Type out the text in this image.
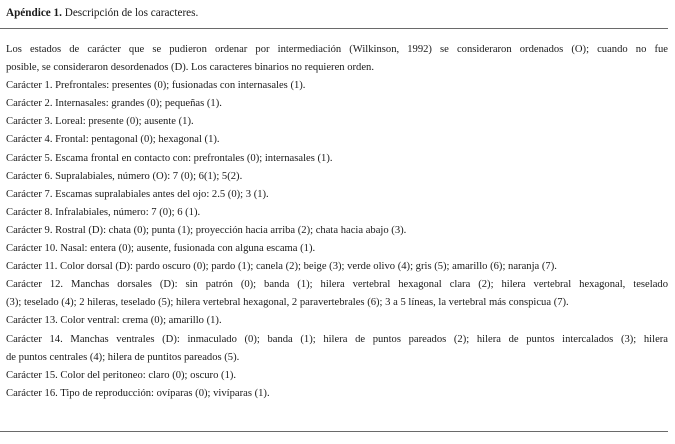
Apéndice 1. Descripción de los caracteres.
Los estados de carácter que se pudieron ordenar por intermediación (Wilkinson, 1992) se consideraron ordenados (O); cuando no fue
posible, se consideraron desordenados (D). Los caracteres binarios no requieren orden.
Carácter 1. Prefrontales: presentes (0); fusionadas con internasales (1).
Carácter 2. Internasales: grandes (0); pequeñas (1).
Carácter 3. Loreal: presente (0); ausente (1).
Carácter 4. Frontal: pentagonal (0); hexagonal (1).
Carácter 5. Escama frontal en contacto con: prefrontales (0); internasales (1).
Carácter 6. Supralabiales, número (O): 7 (0); 6(1); 5(2).
Carácter 7. Escamas supralabiales antes del ojo: 2.5 (0); 3 (1).
Carácter 8. Infralabiales, número: 7 (0); 6 (1).
Carácter 9. Rostral (D): chata (0); punta (1); proyección hacia arriba (2); chata hacia abajo (3).
Carácter 10. Nasal: entera (0); ausente, fusionada con alguna escama (1).
Carácter 11. Color dorsal (D): pardo oscuro (0); pardo (1); canela (2); beige (3); verde olivo (4); gris (5); amarillo (6); naranja (7).
Carácter 12. Manchas dorsales (D): sin patrón (0); banda (1); hilera vertebral hexagonal clara (2); hilera vertebral hexagonal, teselado
(3); teselado (4); 2 hileras, teselado (5); hilera vertebral hexagonal, 2 paravertebrales (6); 3 a 5 líneas, la vertebral más conspicua (7).
Carácter 13. Color ventral: crema (0); amarillo (1).
Carácter 14. Manchas ventrales (D): inmaculado (0); banda (1); hilera de puntos pareados (2); hilera de puntos intercalados (3); hilera
de puntos centrales (4); hilera de puntitos pareados (5).
Carácter 15. Color del peritoneo: claro (0); oscuro (1).
Carácter 16. Tipo de reproducción: ovíparas (0); vivíparas (1).
